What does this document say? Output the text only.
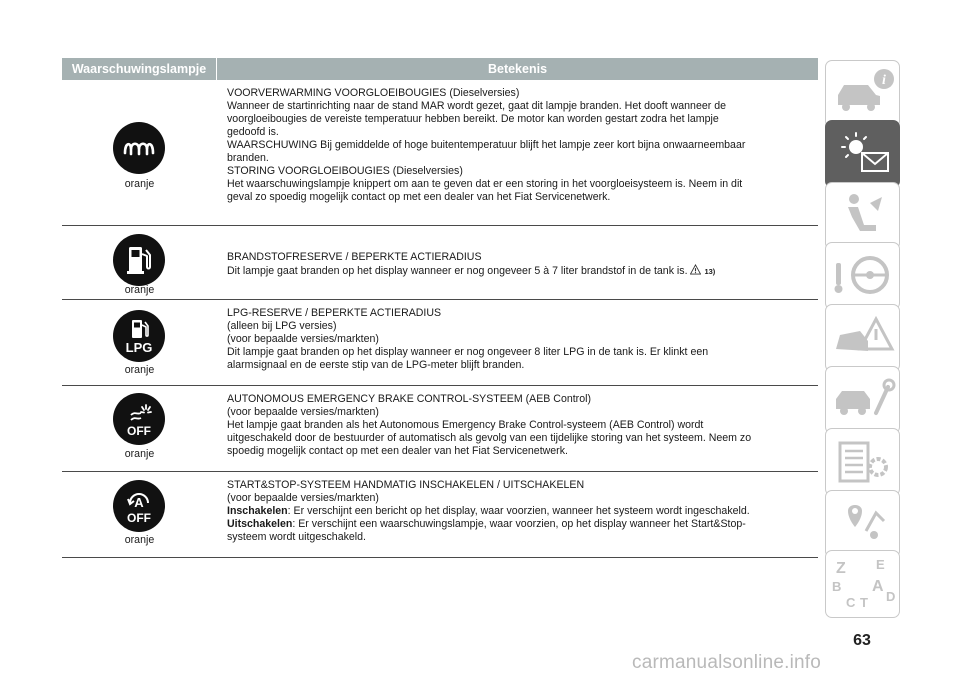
Waarschuwingslampje	Betekenis
oranje

VOORVERWARMING VOORGLOEIBOUGIES (Dieselversies)

Wanneer de startinrichting naar de stand MAR wordt gezet, gaat dit lampje branden. Het dooft wanneer de

voorgloeibougies de vereiste temperatuur hebben bereikt. De motor kan worden gestart zodra het lampje

gedoofd is.

WAARSCHUWING Bij gemiddelde of hoge buitentemperatuur blijft het lampje zeer kort bijna onwaarneembaar

branden.

STORING VOORGLOEIBOUGIES (Dieselversies)

Het waarschuwingslampje knippert om aan te geven dat er een storing in het voorgloeisysteem is. Neem in dit

geval zo spoedig mogelijk contact op met een dealer van het Fiat Servicenetwerk.

oranje

BRANDSTOFRESERVE / BEPERKTE ACTIERADIUS

Dit lampje gaat branden op het display wanneer er nog ongeveer 5 à 7 liter brandstof in de tank is. 13)

LPG
oranje

LPG-RESERVE / BEPERKTE ACTIERADIUS

(alleen bij LPG versies)

(voor bepaalde versies/markten)

Dit lampje gaat branden op het display wanneer er nog ongeveer 8 liter LPG in de tank is. Er klinkt een

alarmsignaal en de eerste stip van de LPG-meter blijft branden.

OFF
oranje

AUTONOMOUS EMERGENCY BRAKE CONTROL-SYSTEEM (AEB Control)

(voor bepaalde versies/markten)

Het lampje gaat branden als het Autonomous Emergency Brake Control-systeem (AEB Control) wordt

uitgeschakeld door de bestuurder of automatisch als gevolg van een tijdelijke storing van het systeem. Neem zo

spoedig mogelijk contact op met een dealer van het Fiat Servicenetwerk.

A
OFF
oranje

START&STOP-SYSTEEM HANDMATIG INSCHAKELEN / UITSCHAKELEN

(voor bepaalde versies/markten)

Inschakelen: Er verschijnt een bericht op het display, waar voorzien, wanneer het systeem wordt ingeschakeld.

Uitschakelen: Er verschijnt een waarschuwingslampje, waar voorzien, op het display wanneer het Start&Stop-

systeem wordt uitgeschakeld.

i
Z E
B A
C T D
63
carmanualsonline.info
